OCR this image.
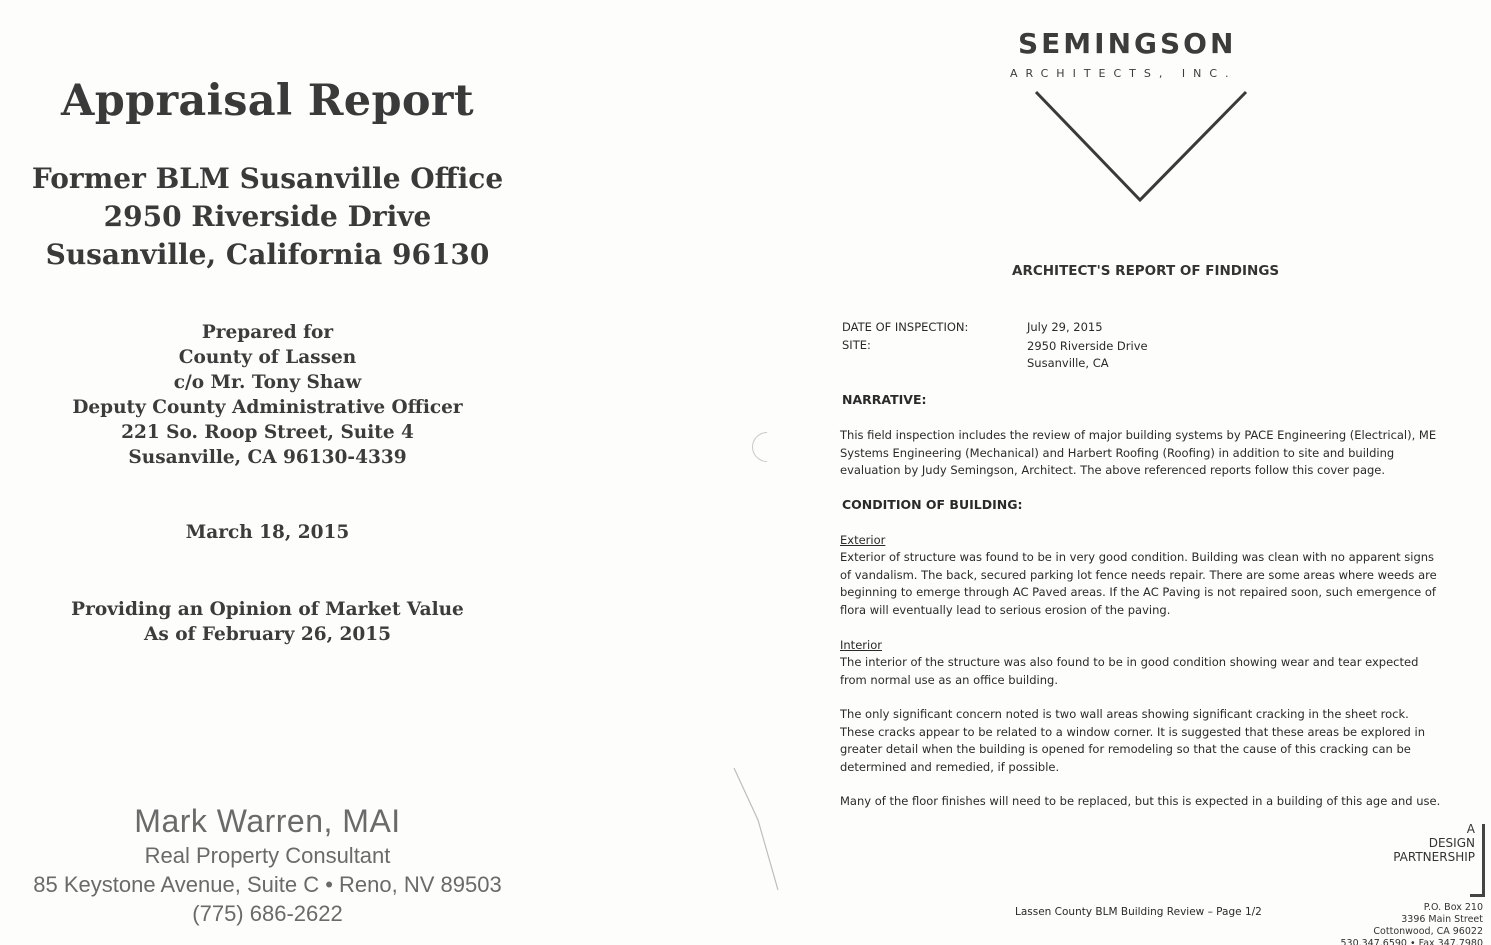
Appraisal Report
Former BLM Susanville Office
2950 Riverside Drive
Susanville, California 96130
Prepared for
County of Lassen
c/o Mr. Tony Shaw
Deputy County Administrative Officer
221 So. Roop Street, Suite 4
Susanville, CA 96130-4339
March 18, 2015
Providing an Opinion of Market Value
As of February 26, 2015
Mark Warren, MAI
Real Property Consultant
85 Keystone Avenue, Suite C • Reno, NV 89503
(775) 686-2622
SEMINGSON
ARCHITECTS, INC.
ARCHITECT'S REPORT OF FINDINGS
DATE OF INSPECTION:	July 29, 2015
SITE:	2950 Riverside Drive
Susanville, CA
NARRATIVE:
This field inspection includes the review of major building systems by PACE Engineering (Electrical), ME
Systems Engineering (Mechanical) and Harbert Roofing (Roofing) in addition to site and building
evaluation by Judy Semingson, Architect. The above referenced reports follow this cover page.
CONDITION OF BUILDING:
Exterior
Exterior of structure was found to be in very good condition. Building was clean with no apparent signs
of vandalism. The back, secured parking lot fence needs repair. There are some areas where weeds are
beginning to emerge through AC Paved areas. If the AC Paving is not repaired soon, such emergence of
flora will eventually lead to serious erosion of the paving.
Interior
The interior of the structure was also found to be in good condition showing wear and tear expected
from normal use as an office building.
The only significant concern noted is two wall areas showing significant cracking in the sheet rock.
These cracks appear to be related to a window corner. It is suggested that these areas be explored in
greater detail when the building is opened for remodeling so that the cause of this cracking can be
determined and remedied, if possible.
Many of the floor finishes will need to be replaced, but this is expected in a building of this age and use.
A
DESIGN
PARTNERSHIP
Lassen County BLM Building Review – Page 1/2	P.O. Box 210
3396 Main Street
Cottonwood, CA 96022
530.347.6590 • Fax 347.7980
